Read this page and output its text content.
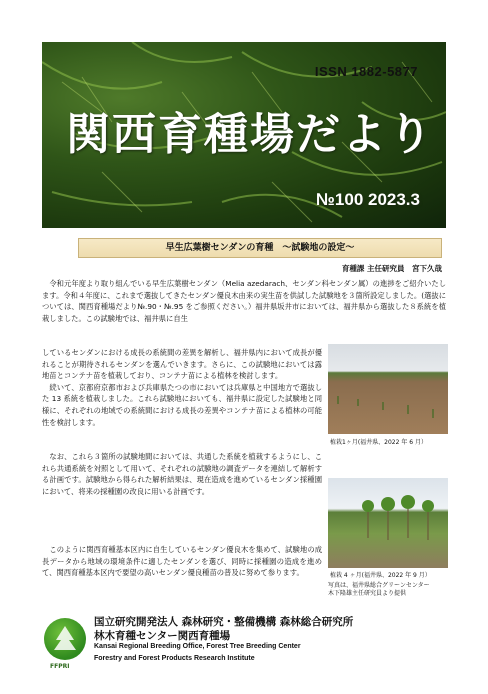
ISSN 1882-5877
関西育種場だより
№100 2023.3
早生広葉樹センダンの育種　～試験地の設定～
育種課 主任研究員　宮下久哉

　令和元年度より取り組んでいる早生広葉樹センダン（Melia azedarach、センダン科センダン属）の進捗をご紹介いたします。令和４年度に、これまで選抜してきたセンダン優良木由来の実生苗を供試した試験地を３箇所設定しました。(選抜については、関西育種場だより№.90・№.95 をご参照ください。）福井県坂井市においては、福井県から選抜した８系統を植栽しました。この試験地では、福井県に自生

しているセンダンにおける成長の系統間の差異を解析し、福井県内において成長が優れることが期待されるセンダンを選んでいきます。さらに、この試験地においては露地苗とコンテナ苗を植栽しており、コンテナ苗による植林を検討します。
　続いて、京都府京都市および兵庫県たつの市においては兵庫県と中国地方で選抜した 13 系統を植栽しました。これら試験地においても、福井県に設定した試験地と同様に、それぞれの地域での系統間における成長の差異やコンテナ苗による植林の可能性を検討します。

　なお、これら３箇所の試験地間においては、共通した系統を植栽するようにし、これら共通系統を対照として用いて、それぞれの試験地の調査データを連結して解析する計画です。試験地から得られた解析結果は、現在造成を進めているセンダン採種園において、将来の採種園の改良に用いる計画です。

　このように関西育種基本区内に自生しているセンダン優良木を集めて、試験地の成長データから地域の環境条件に適したセンダンを選び、同時に採種園の造成を進めて、関西育種基本区内で要望の高いセンダン優良種苗の普及に努めて参ります。

植栽1ヶ月(福井県、2022 年 6 月）
植栽 4 ヶ月(福井県、2022 年 9 月）
写真は、福井県総合グリーンセンター
木下隆雄主任研究員より提供
FFPRI
国立研究開発法人 森林研究・整備機構 森林総合研究所
林木育種センター関西育種場
Kansai Regional Breeding Office, Forest Tree Breeding Center
Forestry and Forest Products Research Institute
